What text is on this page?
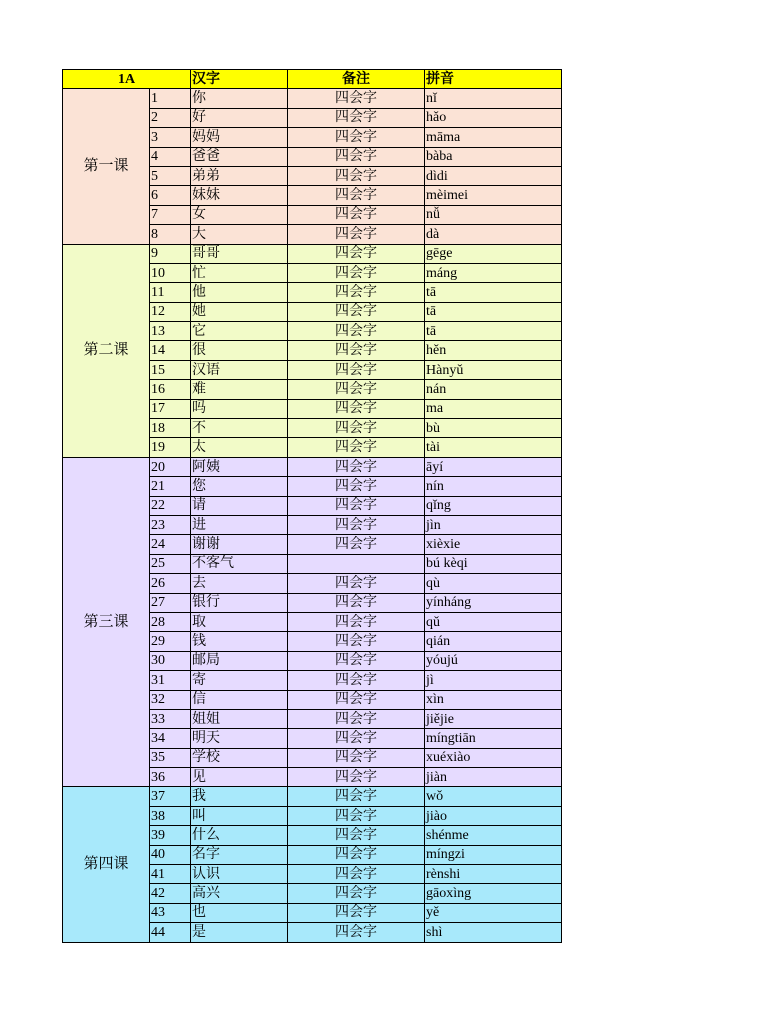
1A		汉字	备注	拼音
第一课	1	你	四会字	nǐ
	2	好	四会字	hǎo
	3	妈妈	四会字	māma
	4	爸爸	四会字	bàba
	5	弟弟	四会字	dìdi
	6	妹妹	四会字	mèimei
	7	女	四会字	nǚ
	8	大	四会字	dà
第二课	9	哥哥	四会字	gēge
	10	忙	四会字	máng
	11	他	四会字	tā
	12	她	四会字	tā
	13	它	四会字	tā
	14	很	四会字	hěn
	15	汉语	四会字	Hànyǔ
	16	难	四会字	nán
	17	吗	四会字	ma
	18	不	四会字	bù
	19	太	四会字	tài
第三课	20	阿姨	四会字	āyí
	21	您	四会字	nín
	22	请	四会字	qǐng
	23	进	四会字	jìn
	24	谢谢	四会字	xièxie
	25	不客气		bú kèqi
	26	去	四会字	qù
	27	银行	四会字	yínháng
	28	取	四会字	qǔ
	29	钱	四会字	qián
	30	邮局	四会字	yóujú
	31	寄	四会字	jì
	32	信	四会字	xìn
	33	姐姐	四会字	jiějie
	34	明天	四会字	míngtiān
	35	学校	四会字	xuéxiào
	36	见	四会字	jiàn
第四课	37	我	四会字	wǒ
	38	叫	四会字	jiào
	39	什么	四会字	shénme
	40	名字	四会字	míngzi
	41	认识	四会字	rènshi
	42	高兴	四会字	gāoxìng
	43	也	四会字	yě
	44	是	四会字	shì
